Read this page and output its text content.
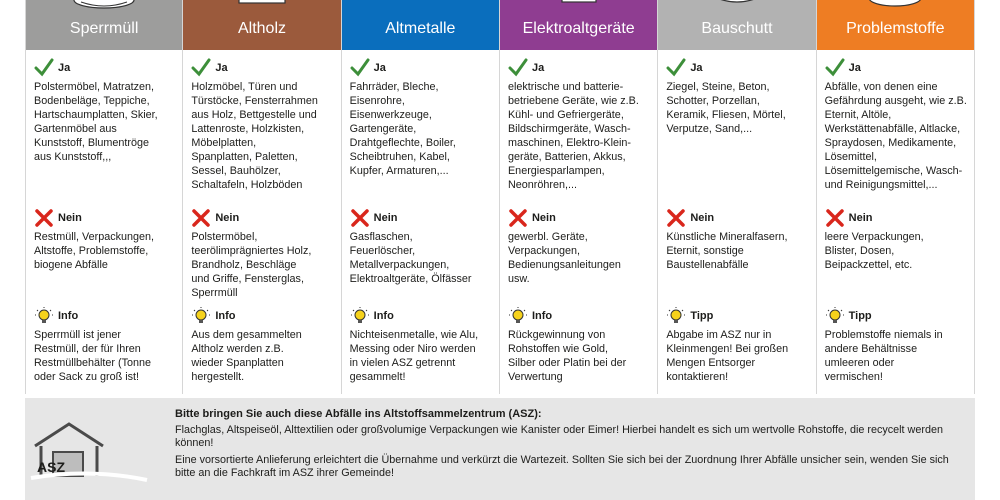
Sperrmüll
Ja
Polstermöbel, Matratzen,
Bodenbeläge, Teppiche,
Hartschaumplatten, Skier,
Gartenmöbel aus
Kunststoff, Blumentröge
aus Kunststoff,,,
Nein
Restmüll, Verpackungen,
Altstoffe, Problemstoffe,
biogene Abfälle
Info
Sperrmüll ist jener
Restmüll, der für Ihren
Restmüllbehälter (Tonne
oder Sack zu groß ist!
Altholz
Ja
Holzmöbel, Türen und
Türstöcke, Fensterrahmen
aus Holz, Bettgestelle und
Lattenroste, Holzkisten,
Möbelplatten,
Spanplatten, Paletten,
Sessel, Bauhölzer,
Schaltafeln, Holzböden
Nein
Polstermöbel,
teerölimprägniertes Holz,
Brandholz, Beschläge
und Griffe, Fensterglas,
Sperrmüll
Info
Aus dem gesammelten
Altholz werden z.B.
wieder Spanplatten
hergestellt.
Altmetalle
Ja
Fahrräder, Bleche,
Eisenrohre,
Eisenwerkzeuge,
Gartengeräte,
Drahtgeflechte, Boiler,
Scheibtruhen, Kabel,
Kupfer, Armaturen,...
Nein
Gasflaschen,
Feuerlöscher,
Metallverpackungen,
Elektroaltgeräte, Ölfässer
Info
Nichteisenmetalle, wie Alu,
Messing oder Niro werden
in vielen ASZ getrennt
gesammelt!
Elektroaltgeräte
Ja
elektrische und batterie-
betriebene Geräte, wie z.B.
Kühl- und Gefriergeräte,
Bildschirmgeräte, Wasch-
maschinen, Elektro-Klein-
geräte, Batterien, Akkus,
Energiesparlampen,
Neonröhren,...
Nein
gewerbl. Geräte,
Verpackungen,
Bedienungsanleitungen
usw.
Info
Rückgewinnung von
Rohstoffen wie Gold,
Silber oder Platin bei der
Verwertung
Bauschutt
Ja
Ziegel, Steine, Beton,
Schotter, Porzellan,
Keramik, Fliesen, Mörtel,
Verputze, Sand,...
Nein
Künstliche Mineralfasern,
Eternit, sonstige
Baustellenabfälle
Tipp
Abgabe im ASZ nur in
Kleinmengen! Bei großen
Mengen Entsorger
kontaktieren!
Problemstoffe
Ja
Abfälle, von denen eine
Gefährdung ausgeht, wie z.B.
Eternit, Altöle,
Werkstättenabfälle, Altlacke,
Spraydosen, Medikamente,
Lösemittel,
Lösemittelgemische, Wasch-
und Reinigungsmittel,...
Nein
leere Verpackungen,
Blister, Dosen,
Beipackzettel, etc.
Tipp
Problemstoffe niemals in
andere Behältnisse
umleeren oder
vermischen!
ASZ
Bitte bringen Sie auch diese Abfälle ins Altstoffsammelzentrum (ASZ):
Flachglas, Altspeiseöl, Alttextilien oder großvolumige Verpackungen wie Kanister oder Eimer! Hierbei handelt es sich um wertvolle Rohstoffe, die recycelt werden können!
Eine vorsortierte Anlieferung erleichtert die Übernahme und verkürzt die Wartezeit. Sollten Sie sich bei der Zuordnung Ihrer Abfälle unsicher sein, wenden Sie sich bitte an die Fachkraft im ASZ ihrer Gemeinde!
